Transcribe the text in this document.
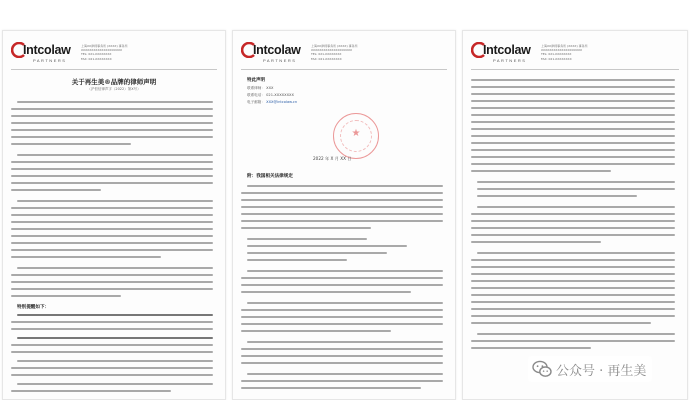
Intcolaw
PARTNERS
上海XX律师事务所 (XXXX) 事务所
XXXXXXXXXXXXXXXXXXXX
TEL: 021-XXXXXXXX
FAX: 021-XXXXXXXX
关于再生美®品牌的律师声明
（沪恒信律声字（2022）第X号）
特别提醒如下：
Intcolaw
PARTNERS
上海XX律师事务所 (XXXX) 事务所
XXXXXXXXXXXXXXXXXXXX
TEL: 021-XXXXXXXX
FAX: 021-XXXXXXXX
特此声明
联系律师： XXX
联系电话： 021-XXXXXXXX
电子邮箱： XXX@intcolaw.cn
★
2022 年 X 月 XX 日
附：我国相关法律规定
Intcolaw
PARTNERS
上海XX律师事务所 (XXXX) 事务所
XXXXXXXXXXXXXXXXXXXX
TEL: 021-XXXXXXXX
FAX: 021-XXXXXXXX
公众号 · 再生美
